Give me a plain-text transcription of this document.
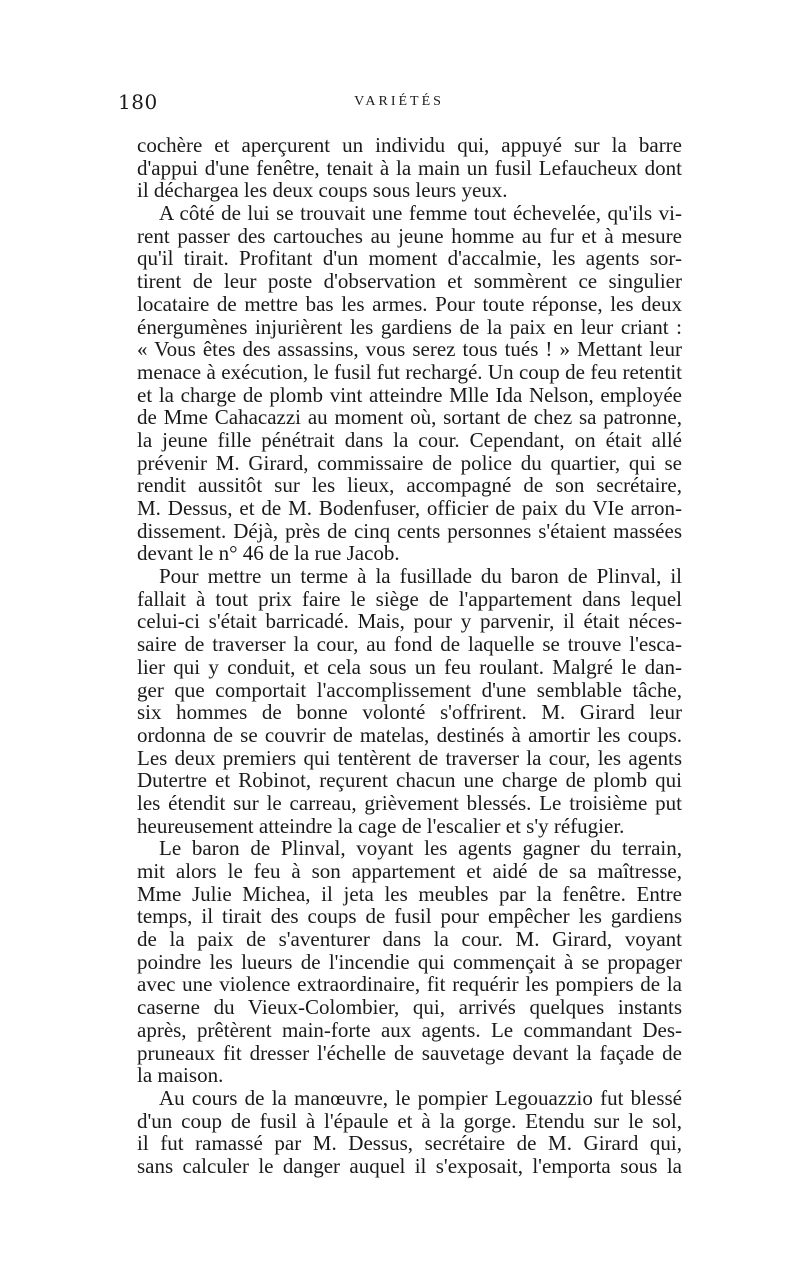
180	VARIÉTÉS
cochère et aperçurent un individu qui, appuyé sur la barre
d'appui d'une fenêtre, tenait à la main un fusil Lefaucheux dont
il déchargea les deux coups sous leurs yeux.
A côté de lui se trouvait une femme tout échevelée, qu'ils vi-
rent passer des cartouches au jeune homme au fur et à mesure
qu'il tirait. Profitant d'un moment d'accalmie, les agents sor-
tirent de leur poste d'observation et sommèrent ce singulier
locataire de mettre bas les armes. Pour toute réponse, les deux
énergumènes injurièrent les gardiens de la paix en leur criant :
« Vous êtes des assassins, vous serez tous tués ! » Mettant leur
menace à exécution, le fusil fut rechargé. Un coup de feu retentit
et la charge de plomb vint atteindre Mlle Ida Nelson, employée
de Mme Cahacazzi au moment où, sortant de chez sa patronne,
la jeune fille pénétrait dans la cour. Cependant, on était allé
prévenir M. Girard, commissaire de police du quartier, qui se
rendit aussitôt sur les lieux, accompagné de son secrétaire,
M. Dessus, et de M. Bodenfuser, officier de paix du VIe arron-
dissement. Déjà, près de cinq cents personnes s'étaient massées
devant le n° 46 de la rue Jacob.
Pour mettre un terme à la fusillade du baron de Plinval, il
fallait à tout prix faire le siège de l'appartement dans lequel
celui-ci s'était barricadé. Mais, pour y parvenir, il était néces-
saire de traverser la cour, au fond de laquelle se trouve l'esca-
lier qui y conduit, et cela sous un feu roulant. Malgré le dan-
ger que comportait l'accomplissement d'une semblable tâche,
six hommes de bonne volonté s'offrirent. M. Girard leur
ordonna de se couvrir de matelas, destinés à amortir les coups.
Les deux premiers qui tentèrent de traverser la cour, les agents
Dutertre et Robinot, reçurent chacun une charge de plomb qui
les étendit sur le carreau, grièvement blessés. Le troisième put
heureusement atteindre la cage de l'escalier et s'y réfugier.
Le baron de Plinval, voyant les agents gagner du terrain,
mit alors le feu à son appartement et aidé de sa maîtresse,
Mme Julie Michea, il jeta les meubles par la fenêtre. Entre
temps, il tirait des coups de fusil pour empêcher les gardiens
de la paix de s'aventurer dans la cour. M. Girard, voyant
poindre les lueurs de l'incendie qui commençait à se propager
avec une violence extraordinaire, fit requérir les pompiers de la
caserne du Vieux-Colombier, qui, arrivés quelques instants
après, prêtèrent main-forte aux agents. Le commandant Des-
pruneaux fit dresser l'échelle de sauvetage devant la façade de
la maison.
Au cours de la manœuvre, le pompier Legouazzio fut blessé
d'un coup de fusil à l'épaule et à la gorge. Etendu sur le sol,
il fut ramassé par M. Dessus, secrétaire de M. Girard qui,
sans calculer le danger auquel il s'exposait, l'emporta sous la
